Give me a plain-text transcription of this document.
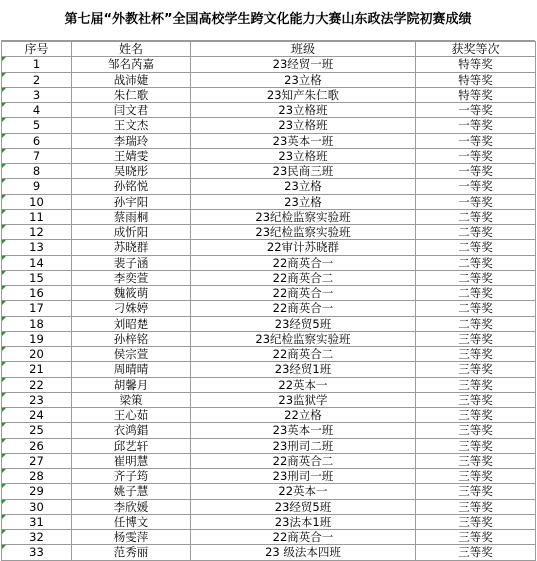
第七届“外教社杯”全国高校学生跨文化能力大赛山东政法学院初赛成绩
序号	姓名	班级	获奖等次
1	邹名芮嘉	23经贸一班	特等奖
2	战沛婕	23立格	特等奖
3	朱仁歌	23知产朱仁歌	特等奖
4	闫文君	23立格班	一等奖
5	王文杰	23立格班	一等奖
6	李瑞玲	23英本一班	一等奖
7	王婧雯	23立格班	一等奖
8	吴晓彤	23民商三班	一等奖
9	孙铭悦	23立格	一等奖
10	孙宇阳	23立格	一等奖
11	蔡雨桐	23纪检监察实验班	二等奖
12	成忻阳	23纪检监察实验班	二等奖
13	苏晓群	22审计苏晓群	二等奖
14	裴子涵	22商英合一	二等奖
15	李奕萱	22商英合二	二等奖
16	魏筱萌	22商英合一	二等奖
17	刁姝婷	22商英合一	二等奖
18	刘昭楚	23经贸5班	二等奖
19	孙梓铭	23纪检监察实验班	三等奖
20	侯宗萱	22商英合二	三等奖
21	周晴晴	23经贸1班	三等奖
22	胡馨月	22英本一	三等奖
23	梁策	23监狱学	三等奖
24	王心茹	22立格	三等奖
25	衣鸿錩	23英本一班	三等奖
26	邱艺轩	23刑司二班	三等奖
27	崔明慧	22商英合二	三等奖
28	齐子筠	23刑司一班	三等奖
29	姚子慧	22英本一	三等奖
30	李欣媛	23经贸5班	三等奖
31	任博文	23法本1班	三等奖
32	杨雯萍	22商英合一	三等奖
33	范秀丽	23 级法本四班	三等奖
